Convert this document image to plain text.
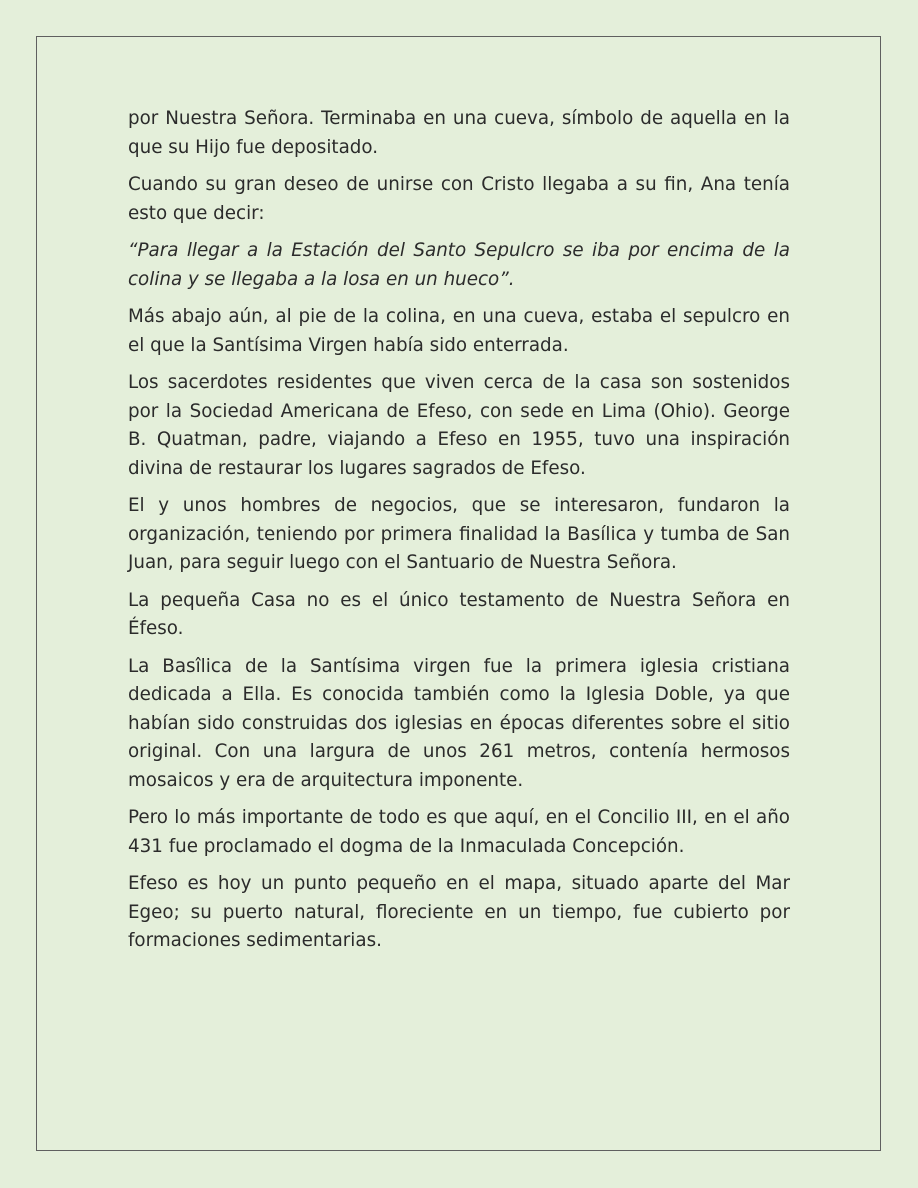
por Nuestra Señora. Terminaba en una cueva, símbolo de aquella en la que su Hijo fue depositado.

Cuando su gran deseo de unirse con Cristo llegaba a su fin, Ana tenía esto que decir:

“Para llegar a la Estación del Santo Sepulcro se iba por encima de la colina y se llegaba a la losa en un hueco”.

Más abajo aún, al pie de la colina, en una cueva, estaba el sepulcro en el que la Santísima Virgen había sido enterrada.

Los sacerdotes residentes que viven cerca de la casa son sostenidos por la Sociedad Americana de Efeso, con sede en Lima (Ohio). George B. Quatman, padre, viajando a Efeso en 1955, tuvo una inspiración divina de restaurar los lugares sagrados de Efeso.

El y unos hombres de negocios, que se interesaron, fundaron la organización, teniendo por primera finalidad la Basílica y tumba de San Juan, para seguir luego con el Santuario de Nuestra Señora.

La pequeña Casa no es el único testamento de Nuestra Señora en Éfeso.

La Basîlica de la Santísima virgen fue la primera iglesia cristiana dedicada a Ella. Es conocida también como la Iglesia Doble, ya que habían sido construidas dos iglesias en épocas diferentes sobre el sitio original. Con una largura de unos 261 metros, contenía hermosos mosaicos y era de arquitectura imponente.

Pero lo más importante de todo es que aquí, en el Concilio III, en el año 431 fue proclamado el dogma de la Inmaculada Concepción.

Efeso es hoy un punto pequeño en el mapa, situado aparte del Mar Egeo; su puerto natural, floreciente en un tiempo, fue cubierto por formaciones sedimentarias.
